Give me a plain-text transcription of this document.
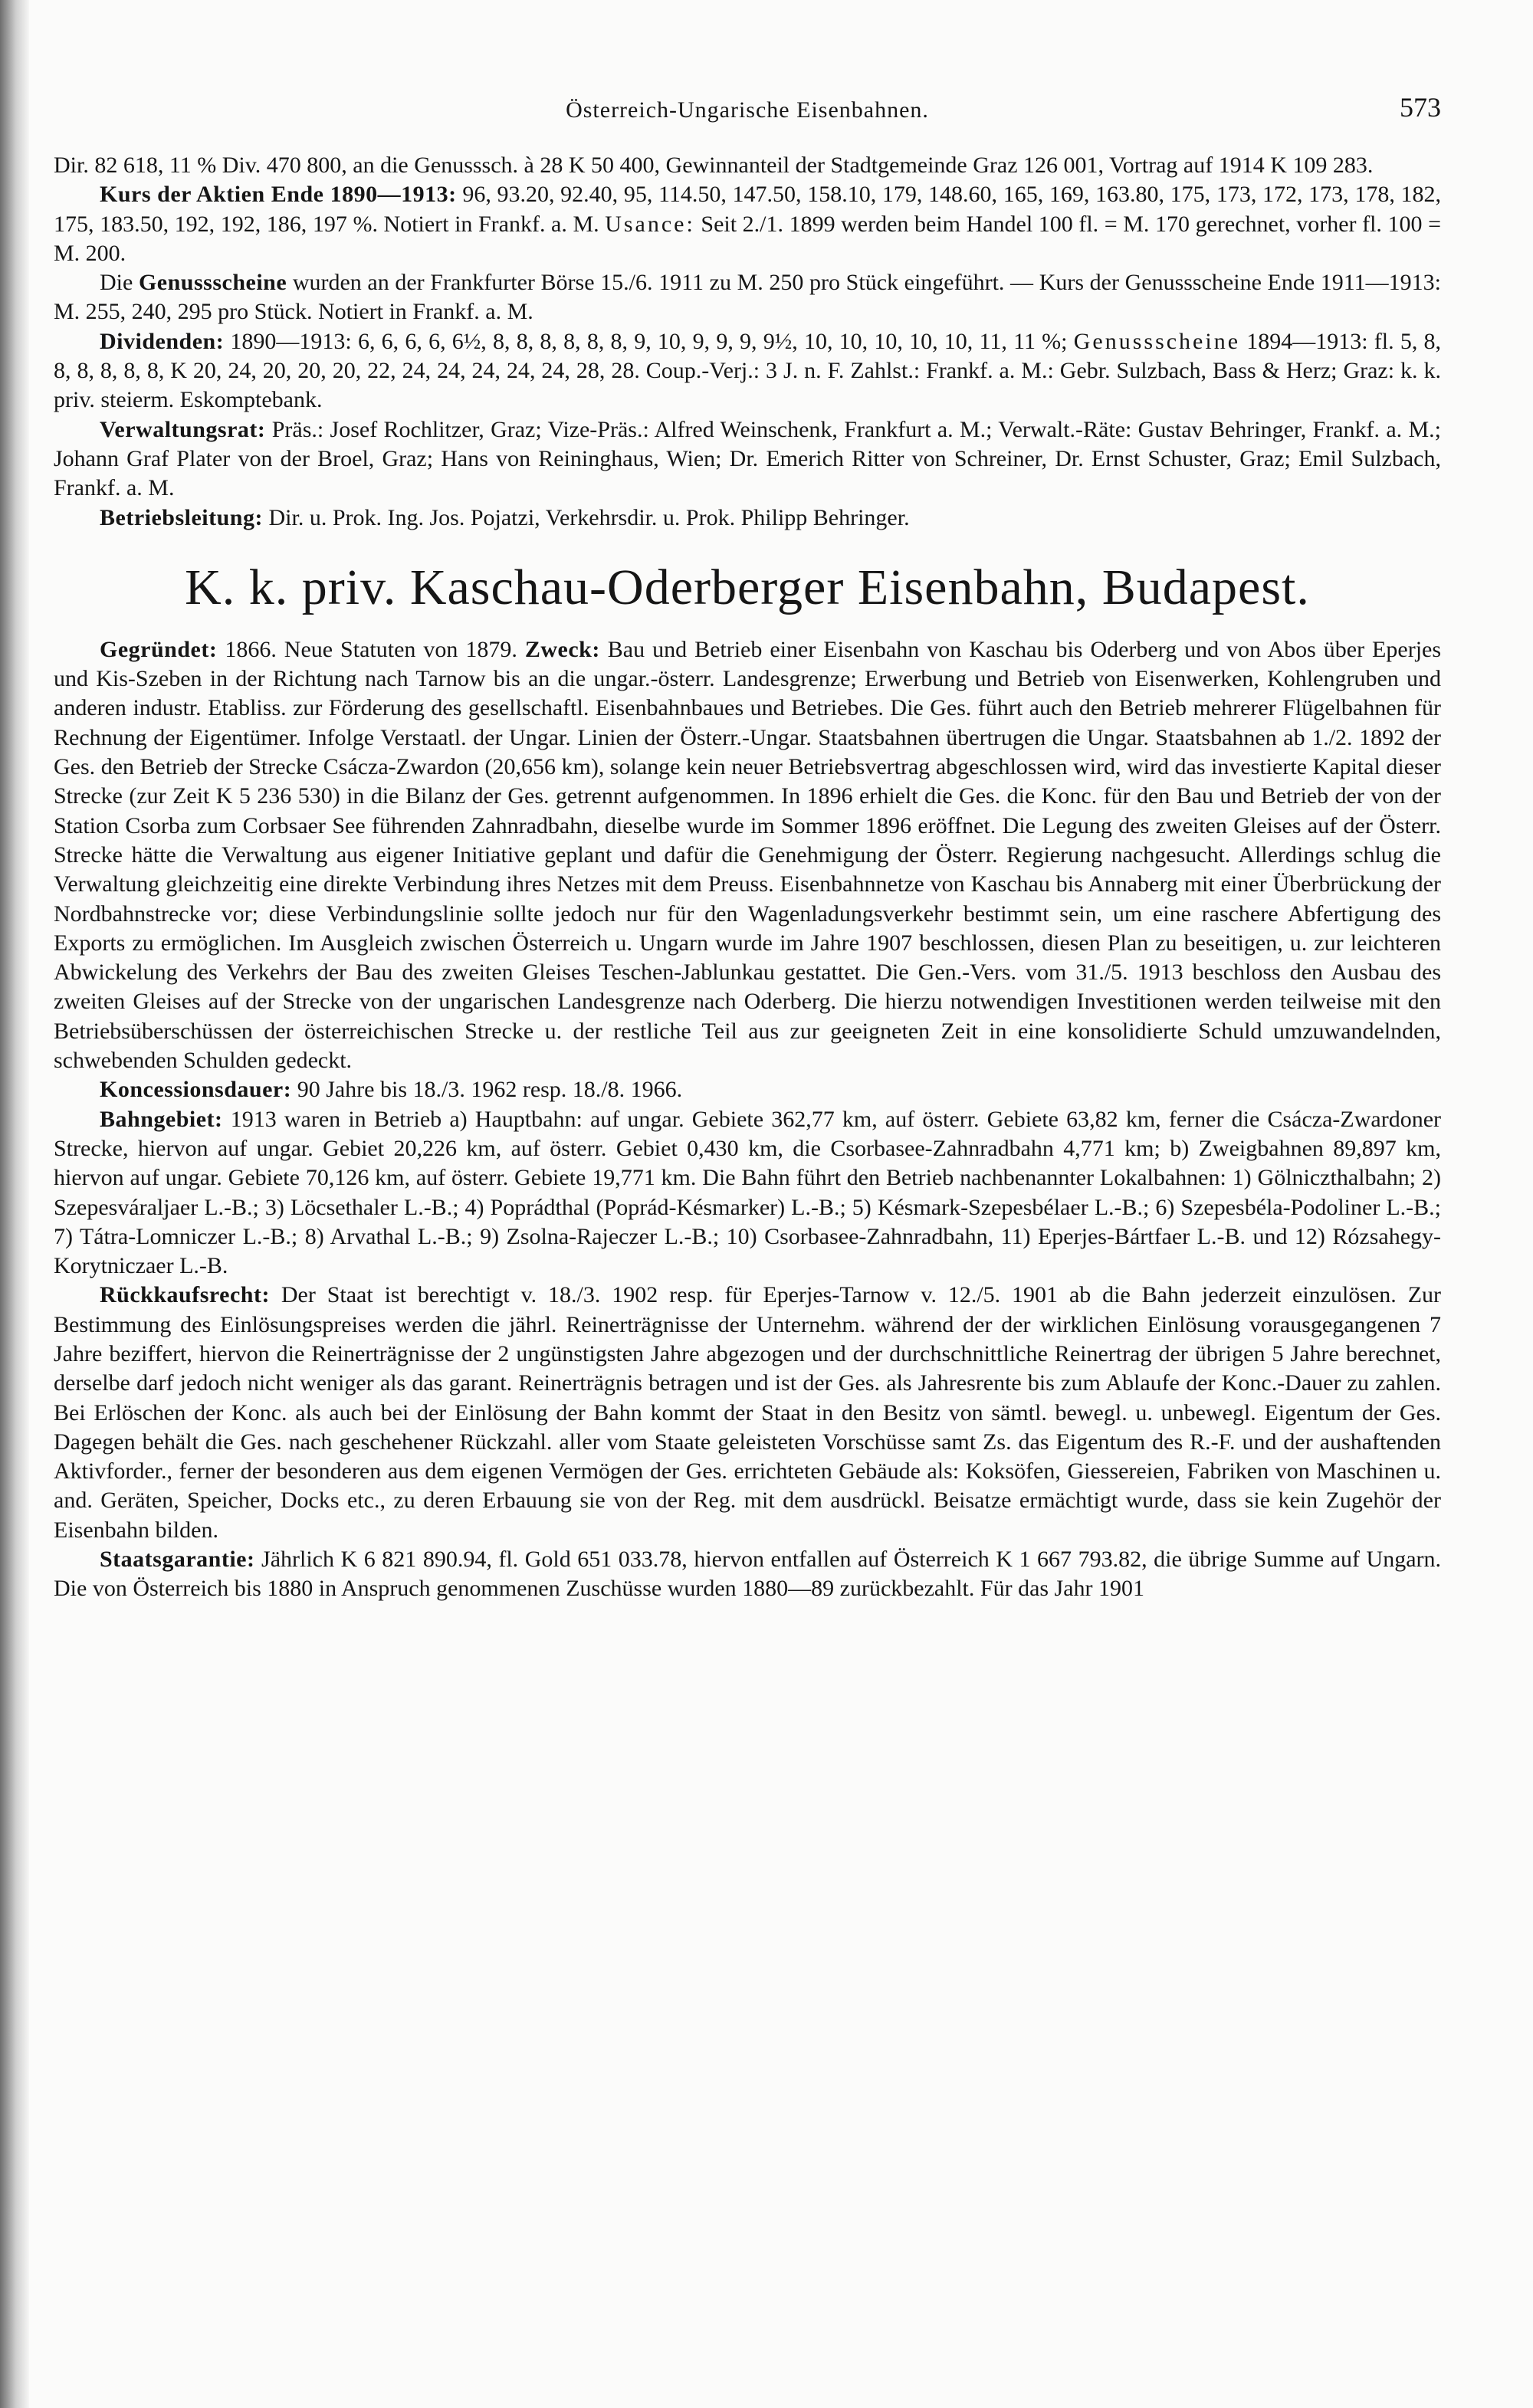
Österreich-Ungarische Eisenbahnen.	573

Dir. 82 618, 11 % Div. 470 800, an die Genusssch. à 28 K 50 400, Gewinnanteil der Stadtgemeinde Graz 126 001, Vortrag auf 1914 K 109 283.

Kurs der Aktien Ende 1890—1913: 96, 93.20, 92.40, 95, 114.50, 147.50, 158.10, 179, 148.60, 165, 169, 163.80, 175, 173, 172, 173, 178, 182, 175, 183.50, 192, 192, 186, 197 %. Notiert in Frankf. a. M. Usance: Seit 2./1. 1899 werden beim Handel 100 fl. = M. 170 gerechnet, vorher fl. 100 = M. 200.

Die Genussscheine wurden an der Frankfurter Börse 15./6. 1911 zu M. 250 pro Stück eingeführt. — Kurs der Genussscheine Ende 1911—1913: M. 255, 240, 295 pro Stück. Notiert in Frankf. a. M.

Dividenden: 1890—1913: 6, 6, 6, 6, 6½, 8, 8, 8, 8, 8, 8, 9, 10, 9, 9, 9, 9½, 10, 10, 10, 10, 10, 11, 11 %; Genussscheine 1894—1913: fl. 5, 8, 8, 8, 8, 8, 8, K 20, 24, 20, 20, 20, 22, 24, 24, 24, 24, 24, 28, 28. Coup.-Verj.: 3 J. n. F. Zahlst.: Frankf. a. M.: Gebr. Sulzbach, Bass & Herz; Graz: k. k. priv. steierm. Eskomptebank.

Verwaltungsrat: Präs.: Josef Rochlitzer, Graz; Vize-Präs.: Alfred Weinschenk, Frankfurt a. M.; Verwalt.-Räte: Gustav Behringer, Frankf. a. M.; Johann Graf Plater von der Broel, Graz; Hans von Reininghaus, Wien; Dr. Emerich Ritter von Schreiner, Dr. Ernst Schuster, Graz; Emil Sulzbach, Frankf. a. M.

Betriebsleitung: Dir. u. Prok. Ing. Jos. Pojatzi, Verkehrsdir. u. Prok. Philipp Behringer.

K. k. priv. Kaschau-Oderberger Eisenbahn, Budapest.

Gegründet: 1866. Neue Statuten von 1879. Zweck: Bau und Betrieb einer Eisenbahn von Kaschau bis Oderberg und von Abos über Eperjes und Kis-Szeben in der Richtung nach Tarnow bis an die ungar.-österr. Landesgrenze; Erwerbung und Betrieb von Eisenwerken, Kohlengruben und anderen industr. Etabliss. zur Förderung des gesellschaftl. Eisenbahnbaues und Betriebes. Die Ges. führt auch den Betrieb mehrerer Flügelbahnen für Rechnung der Eigentümer. Infolge Verstaatl. der Ungar. Linien der Österr.-Ungar. Staatsbahnen übertrugen die Ungar. Staatsbahnen ab 1./2. 1892 der Ges. den Betrieb der Strecke Csácza-Zwardon (20,656 km), solange kein neuer Betriebsvertrag abgeschlossen wird, wird das investierte Kapital dieser Strecke (zur Zeit K 5 236 530) in die Bilanz der Ges. getrennt aufgenommen. In 1896 erhielt die Ges. die Konc. für den Bau und Betrieb der von der Station Csorba zum Corbsaer See führenden Zahnradbahn, dieselbe wurde im Sommer 1896 eröffnet. Die Legung des zweiten Gleises auf der Österr. Strecke hätte die Verwaltung aus eigener Initiative geplant und dafür die Genehmigung der Österr. Regierung nachgesucht. Allerdings schlug die Verwaltung gleichzeitig eine direkte Verbindung ihres Netzes mit dem Preuss. Eisenbahnnetze von Kaschau bis Annaberg mit einer Überbrückung der Nordbahnstrecke vor; diese Verbindungslinie sollte jedoch nur für den Wagenladungsverkehr bestimmt sein, um eine raschere Abfertigung des Exports zu ermöglichen. Im Ausgleich zwischen Österreich u. Ungarn wurde im Jahre 1907 beschlossen, diesen Plan zu beseitigen, u. zur leichteren Abwickelung des Verkehrs der Bau des zweiten Gleises Teschen-Jablunkau gestattet. Die Gen.-Vers. vom 31./5. 1913 beschloss den Ausbau des zweiten Gleises auf der Strecke von der ungarischen Landesgrenze nach Oderberg. Die hierzu notwendigen Investitionen werden teilweise mit den Betriebsüberschüssen der österreichischen Strecke u. der restliche Teil aus zur geeigneten Zeit in eine konsolidierte Schuld umzuwandelnden, schwebenden Schulden gedeckt.

Koncessionsdauer: 90 Jahre bis 18./3. 1962 resp. 18./8. 1966.

Bahngebiet: 1913 waren in Betrieb a) Hauptbahn: auf ungar. Gebiete 362,77 km, auf österr. Gebiete 63,82 km, ferner die Csácza-Zwardoner Strecke, hiervon auf ungar. Gebiet 20,226 km, auf österr. Gebiet 0,430 km, die Csorbasee-Zahnradbahn 4,771 km; b) Zweigbahnen 89,897 km, hiervon auf ungar. Gebiete 70,126 km, auf österr. Gebiete 19,771 km. Die Bahn führt den Betrieb nachbenannter Lokalbahnen: 1) Gölniczthalbahn; 2) Szepesváraljaer L.-B.; 3) Löcsethaler L.-B.; 4) Poprádthal (Poprád-Késmarker) L.-B.; 5) Késmark-Szepesbélaer L.-B.; 6) Szepesbéla-Podoliner L.-B.; 7) Tátra-Lomniczer L.-B.; 8) Arvathal L.-B.; 9) Zsolna-Rajeczer L.-B.; 10) Csorbasee-Zahnradbahn, 11) Eperjes-Bártfaer L.-B. und 12) Rózsahegy-Korytniczaer L.-B.

Rückkaufsrecht: Der Staat ist berechtigt v. 18./3. 1902 resp. für Eperjes-Tarnow v. 12./5. 1901 ab die Bahn jederzeit einzulösen. Zur Bestimmung des Einlösungspreises werden die jährl. Reinerträgnisse der Unternehm. während der der wirklichen Einlösung vorausgegangenen 7 Jahre beziffert, hiervon die Reinerträgnisse der 2 ungünstigsten Jahre abgezogen und der durchschnittliche Reinertrag der übrigen 5 Jahre berechnet, derselbe darf jedoch nicht weniger als das garant. Reinerträgnis betragen und ist der Ges. als Jahresrente bis zum Ablaufe der Konc.-Dauer zu zahlen. Bei Erlöschen der Konc. als auch bei der Einlösung der Bahn kommt der Staat in den Besitz von sämtl. bewegl. u. unbewegl. Eigentum der Ges. Dagegen behält die Ges. nach geschehener Rückzahl. aller vom Staate geleisteten Vorschüsse samt Zs. das Eigentum des R.-F. und der aushaftenden Aktivforder., ferner der besonderen aus dem eigenen Vermögen der Ges. errichteten Gebäude als: Koksöfen, Giessereien, Fabriken von Maschinen u. and. Geräten, Speicher, Docks etc., zu deren Erbauung sie von der Reg. mit dem ausdrückl. Beisatze ermächtigt wurde, dass sie kein Zugehör der Eisenbahn bilden.

Staatsgarantie: Jährlich K 6 821 890.94, fl. Gold 651 033.78, hiervon entfallen auf Österreich K 1 667 793.82, die übrige Summe auf Ungarn. Die von Österreich bis 1880 in Anspruch genommenen Zuschüsse wurden 1880—89 zurückbezahlt. Für das Jahr 1901
